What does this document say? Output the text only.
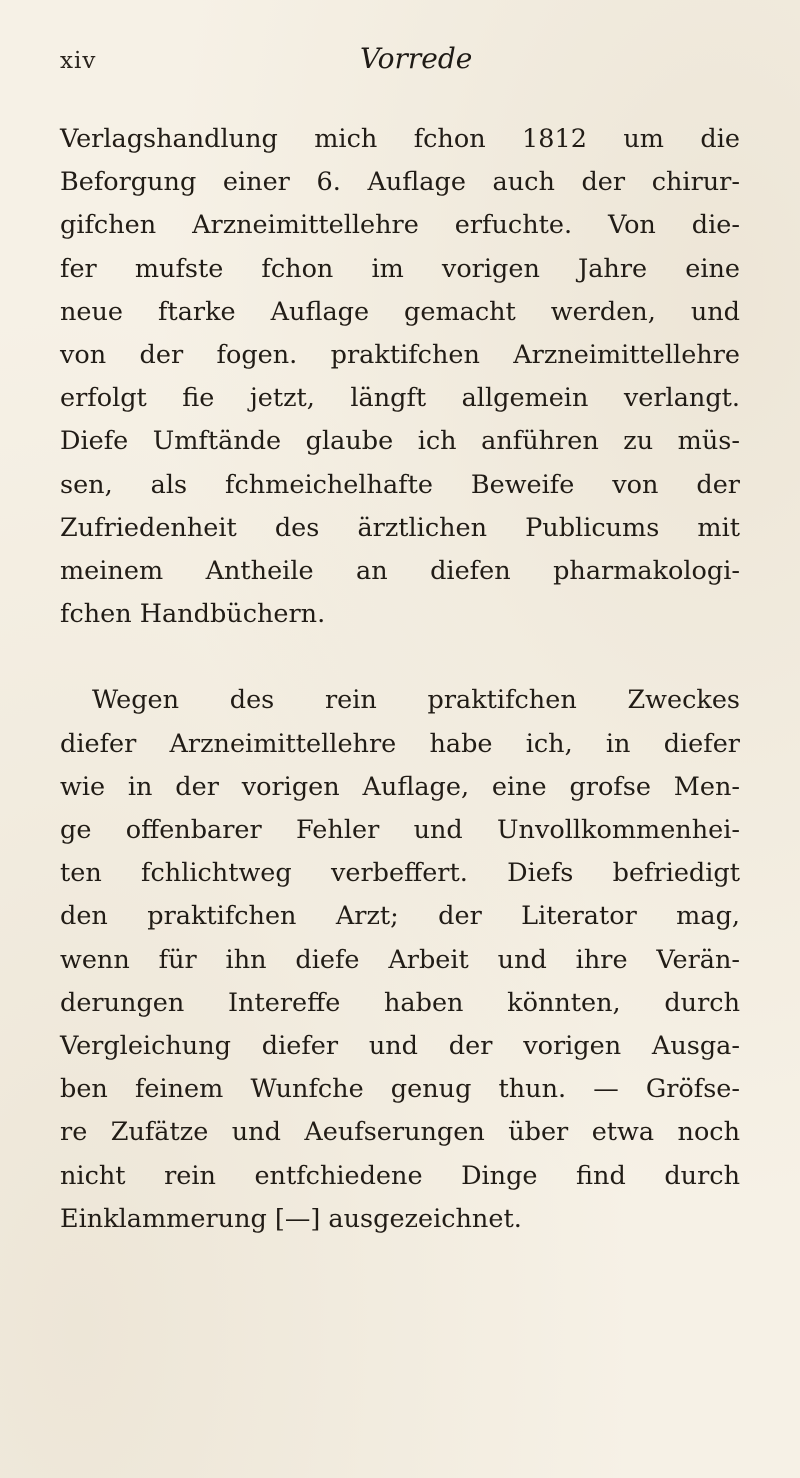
xiv	Vorrede

Verlagshandlung mich fchon 1812 um die
Beforgung einer 6. Auflage auch der chirur-
gifchen Arzneimittellehre erfuchte. Von die-
fer mufste fchon im vorigen Jahre eine
neue ftarke Auflage gemacht werden, und
von der fogen. praktifchen Arzneimittellehre
erfolgt fie jetzt, längft allgemein verlangt.
Diefe Umftände glaube ich anführen zu müs-
sen, als fchmeichelhafte Beweife von der
Zufriedenheit des ärztlichen Publicums mit
meinem Antheile an diefen pharmakologi-
fchen Handbüchern.

Wegen des rein praktifchen Zweckes
diefer Arzneimittellehre habe ich, in diefer
wie in der vorigen Auflage, eine grofse Men-
ge offenbarer Fehler und Unvollkommenhei-
ten fchlichtweg verbeffert. Diefs befriedigt
den praktifchen Arzt; der Literator mag,
wenn für ihn diefe Arbeit und ihre Verän-
derungen Intereffe haben könnten, durch
Vergleichung diefer und der vorigen Ausga-
ben feinem Wunfche genug thun. — Gröfse-
re Zufätze und Aeufserungen über etwa noch
nicht rein entfchiedene Dinge find durch
Einklammerung [—] ausgezeichnet.
